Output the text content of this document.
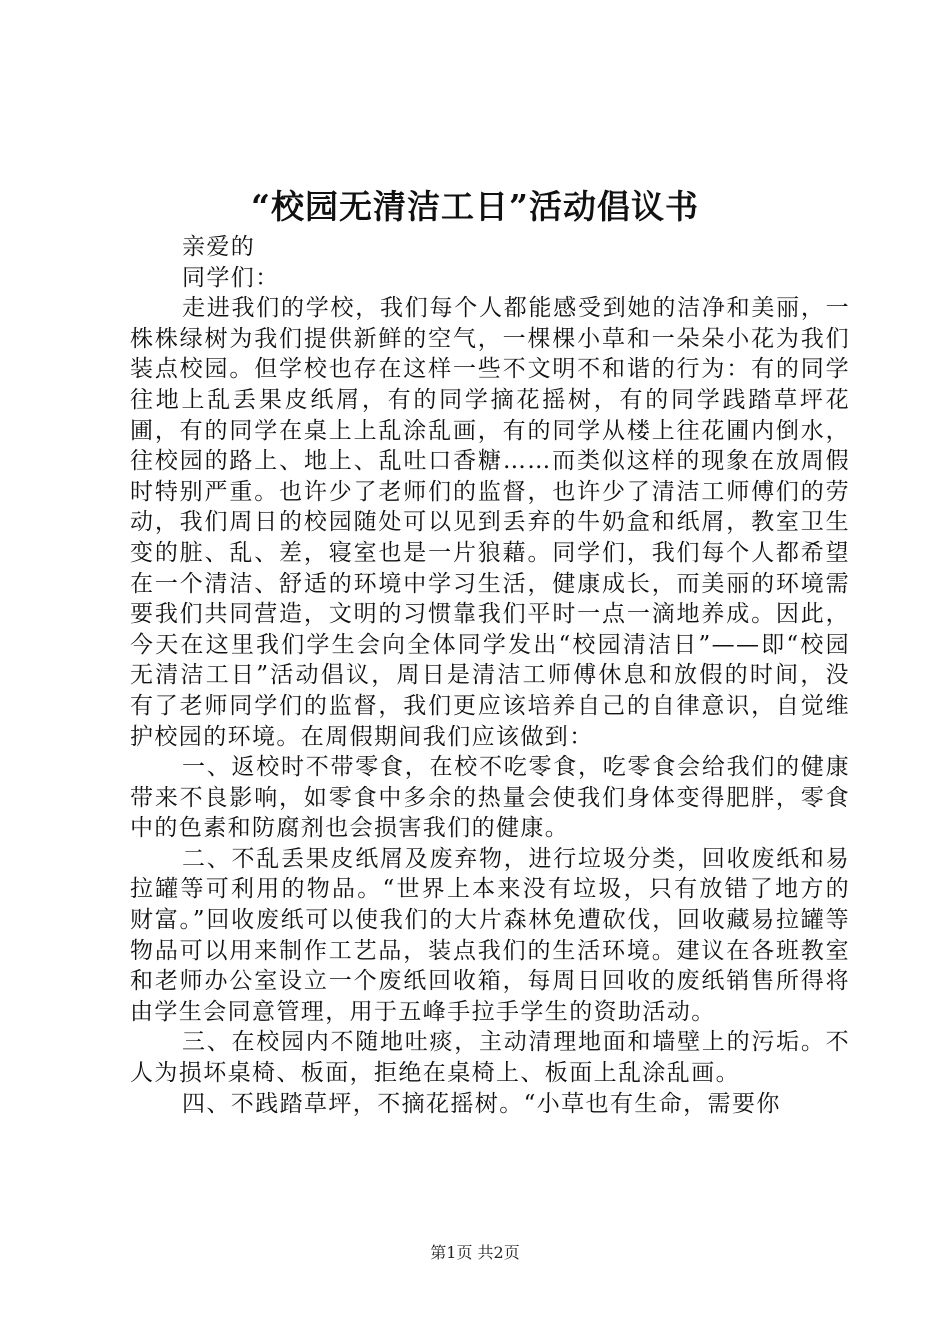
“校园无清洁工日”活动倡议书

亲爱的

同学们：

走进我们的学校，我们每个人都能感受到她的洁净和美丽，一株株绿树为我们提供新鲜的空气，一棵棵小草和一朵朵小花为我们装点校园。但学校也存在这样一些不文明不和谐的行为：有的同学往地上乱丢果皮纸屑，有的同学摘花摇树，有的同学践踏草坪花圃，有的同学在桌上上乱涂乱画，有的同学从楼上往花圃内倒水，往校园的路上、地上、乱吐口香糖……而类似这样的现象在放周假时特别严重。也许少了老师们的监督，也许少了清洁工师傅们的劳动，我们周日的校园随处可以见到丢弃的牛奶盒和纸屑，教室卫生变的脏、乱、差，寝室也是一片狼藉。同学们，我们每个人都希望在一个清洁、舒适的环境中学习生活，健康成长，而美丽的环境需要我们共同营造，文明的习惯靠我们平时一点一滴地养成。因此，今天在这里我们学生会向全体同学发出“校园清洁日”——即“校园无清洁工日”活动倡议，周日是清洁工师傅休息和放假的时间，没有了老师同学们的监督，我们更应该培养自己的自律意识，自觉维护校园的环境。在周假期间我们应该做到：

一、返校时不带零食，在校不吃零食，吃零食会给我们的健康带来不良影响，如零食中多余的热量会使我们身体变得肥胖，零食中的色素和防腐剂也会损害我们的健康。

二、不乱丢果皮纸屑及废弃物，进行垃圾分类，回收废纸和易拉罐等可利用的物品。“世界上本来没有垃圾，只有放错了地方的财富。”回收废纸可以使我们的大片森林免遭砍伐，回收藏易拉罐等物品可以用来制作工艺品，装点我们的生活环境。建议在各班教室和老师办公室设立一个废纸回收箱，每周日回收的废纸销售所得将由学生会同意管理，用于五峰手拉手学生的资助活动。

三、在校园内不随地吐痰，主动清理地面和墙壁上的污垢。不人为损坏桌椅、板面，拒绝在桌椅上、板面上乱涂乱画。

四、不践踏草坪，不摘花摇树。“小草也有生命，需要你

第1页 共2页
